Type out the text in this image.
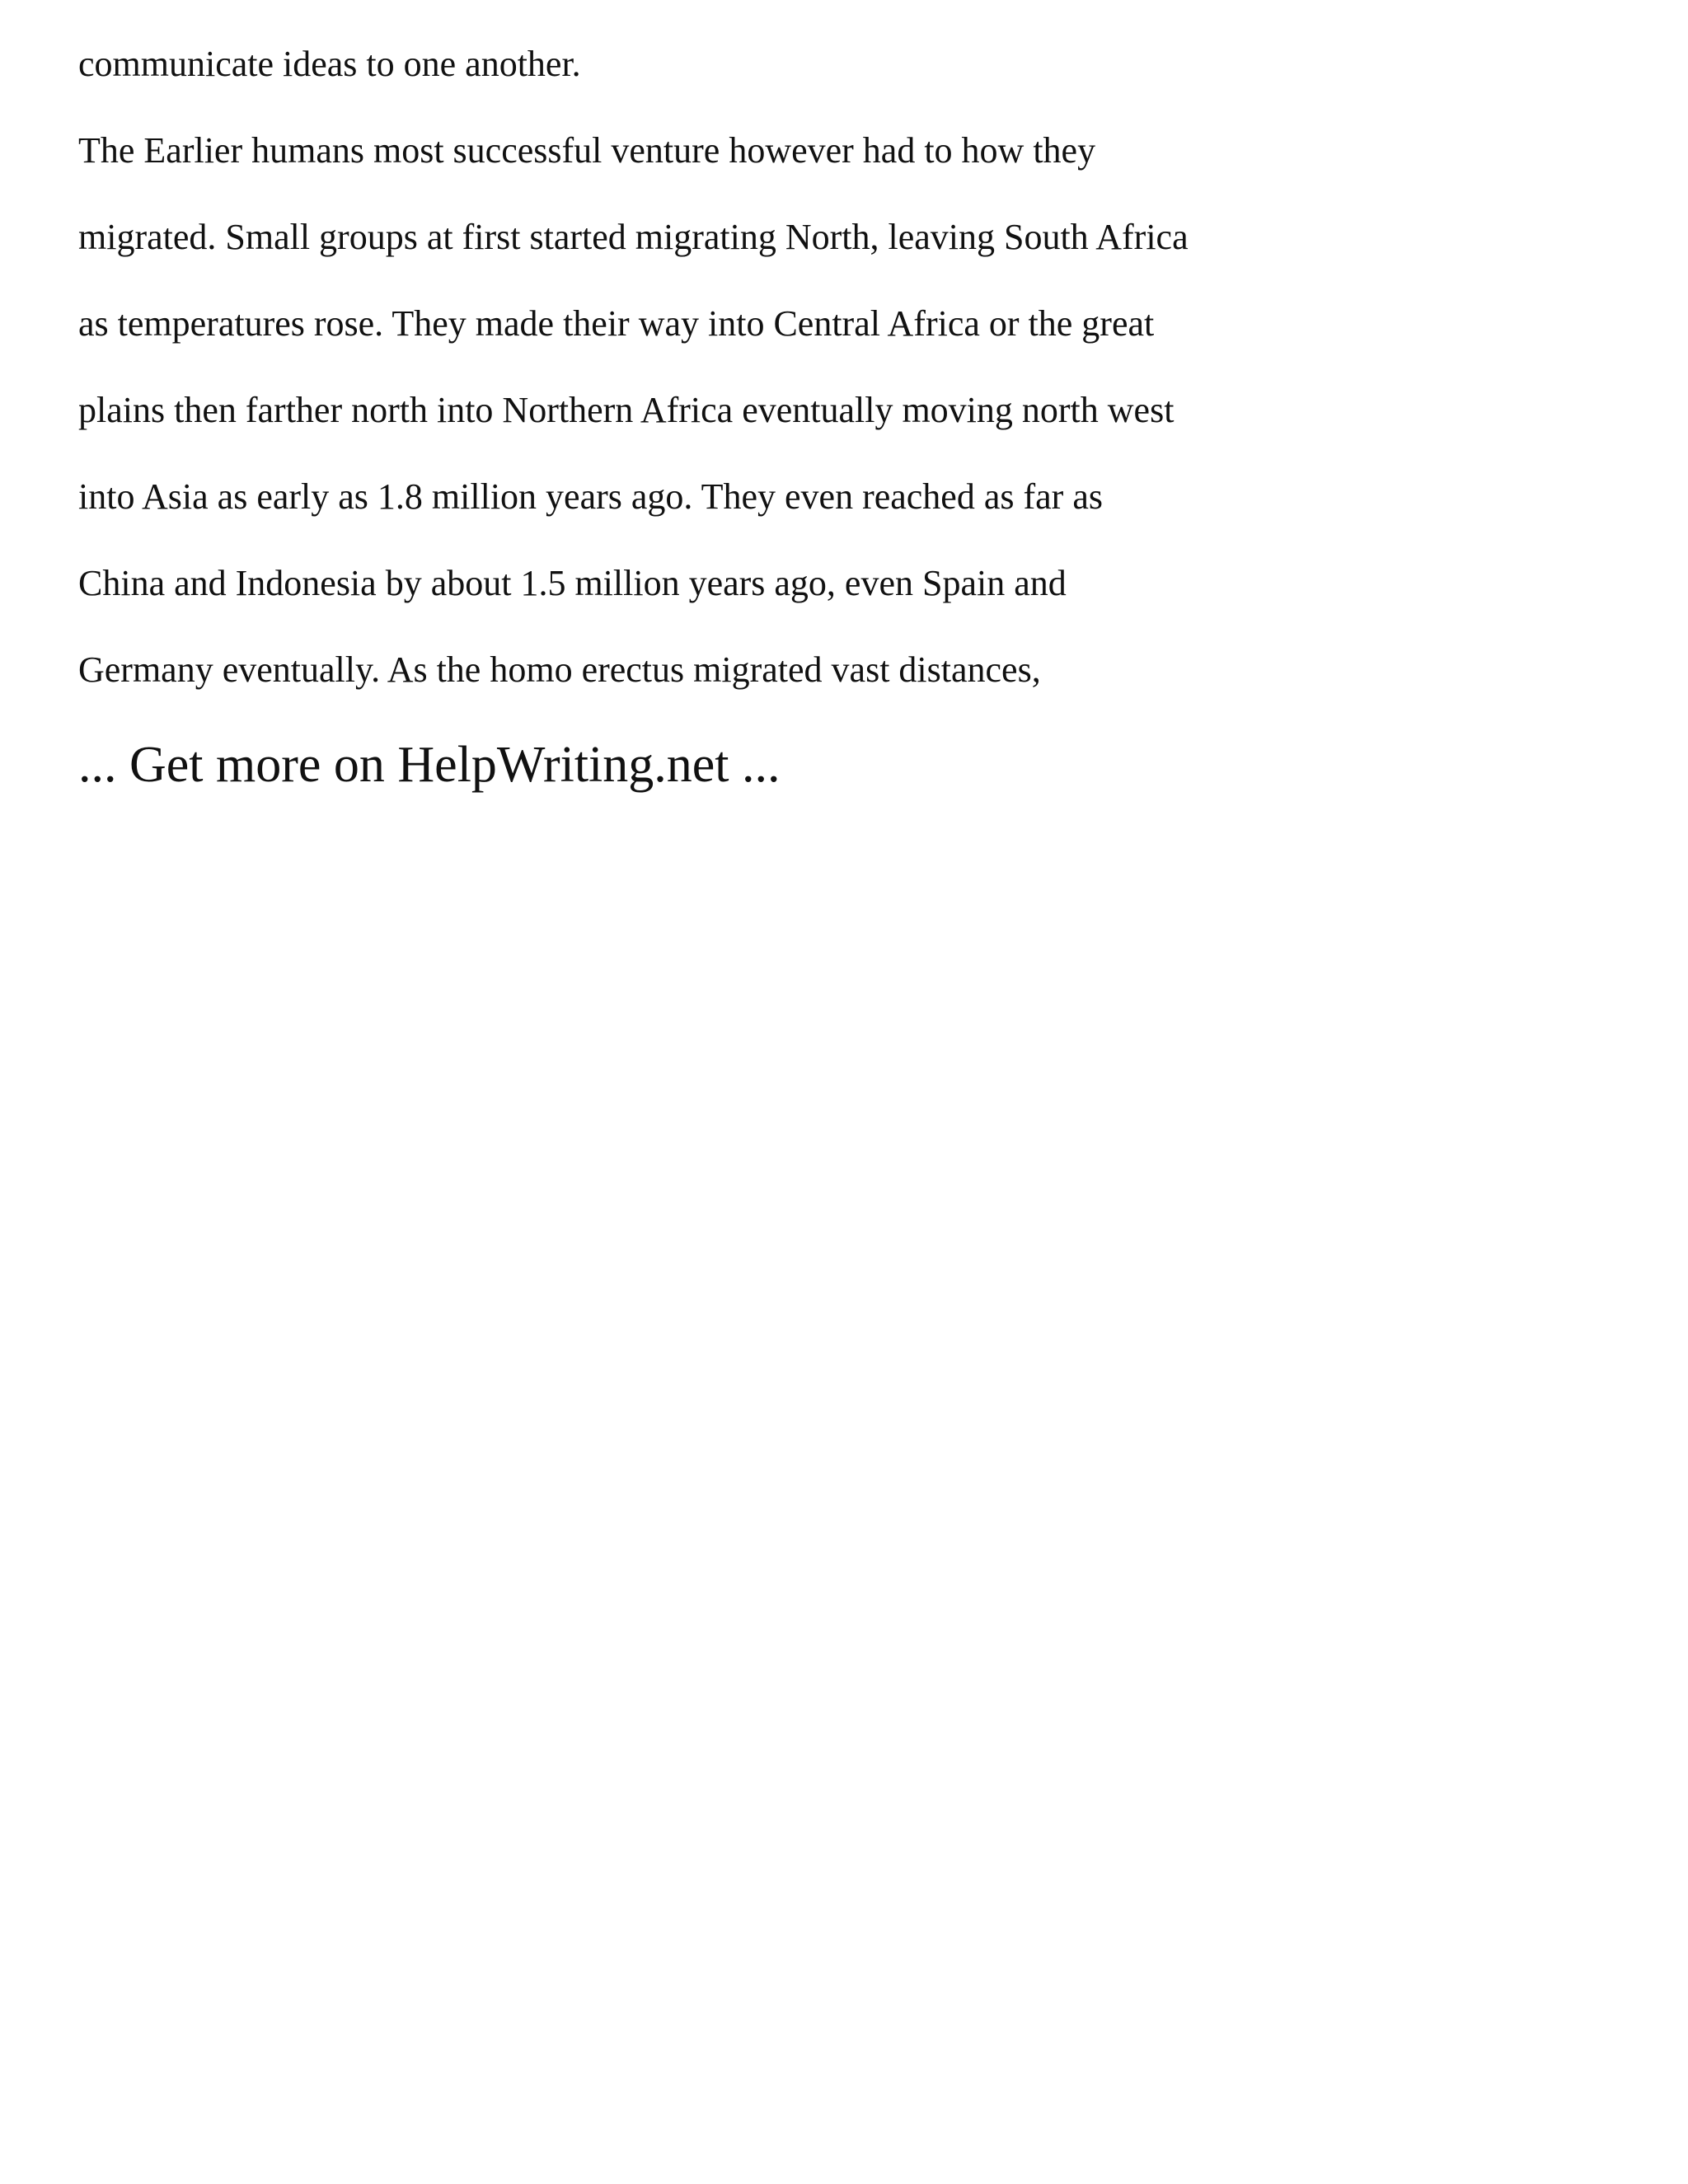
communicate ideas to one another.

The Earlier humans most successful venture however had to how they

migrated. Small groups at first started migrating North, leaving South Africa

as temperatures rose. They made their way into Central Africa or the great

plains then farther north into Northern Africa eventually moving north west

into Asia as early as 1.8 million years ago. They even reached as far as

China and Indonesia by about 1.5 million years ago, even Spain and

Germany eventually. As the homo erectus migrated vast distances,

... Get more on HelpWriting.net ...
